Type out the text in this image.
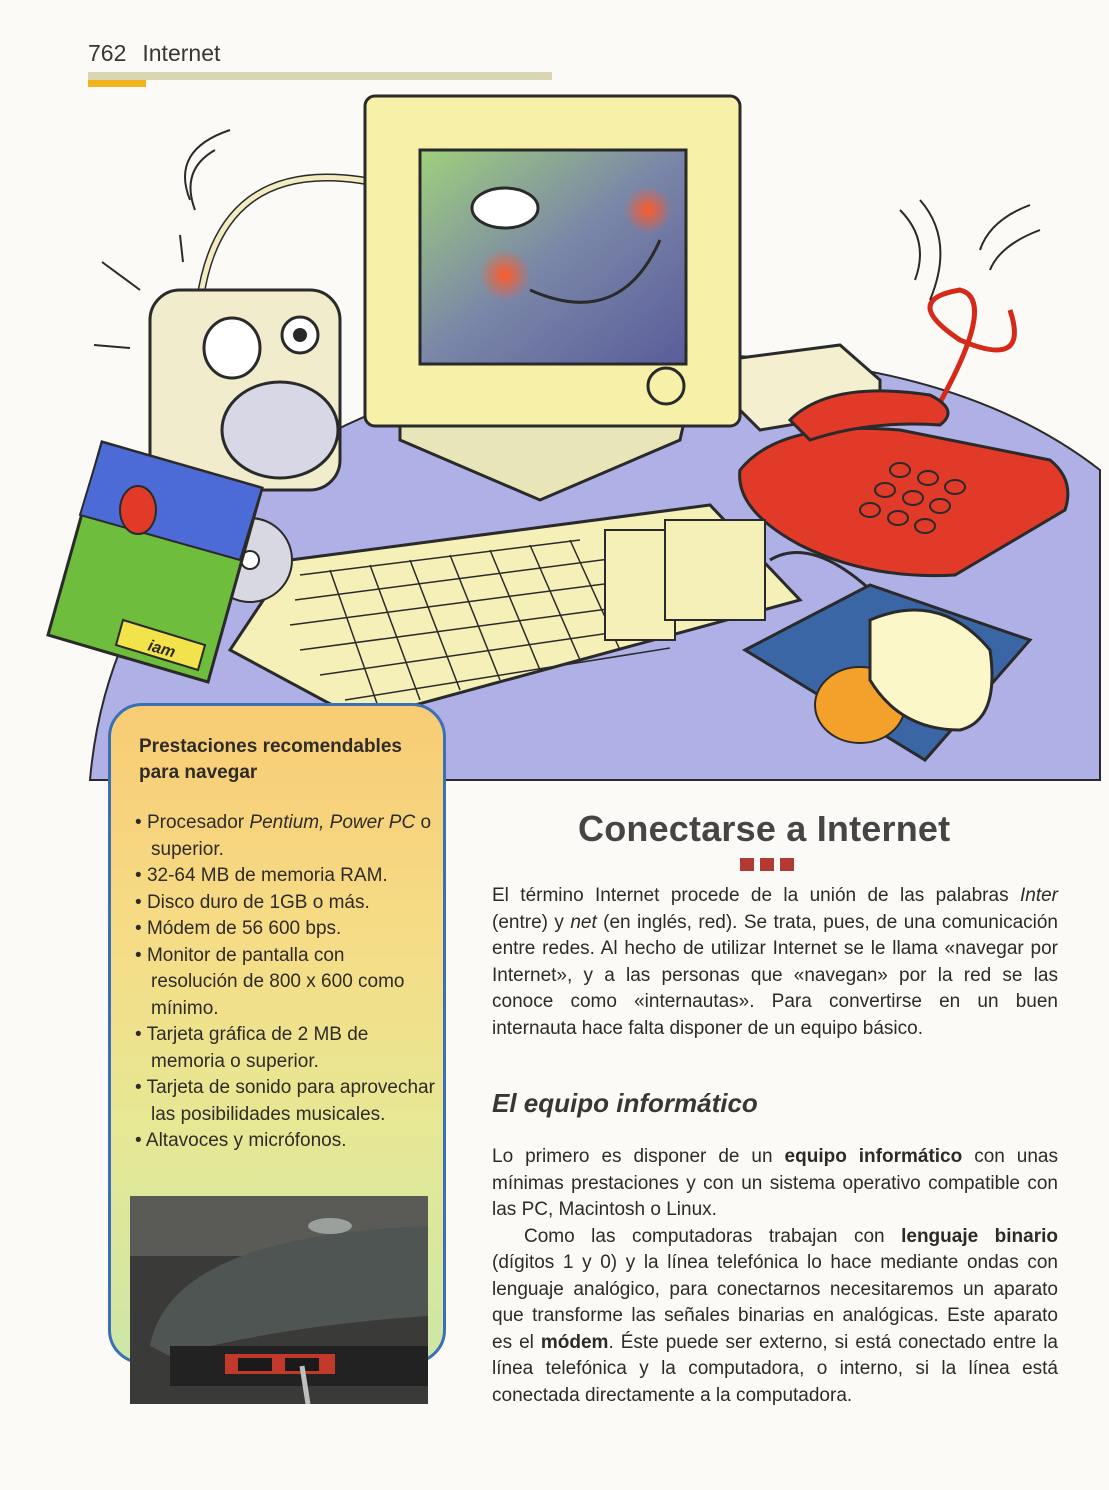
762 Internet
iam
Prestaciones recomendables para navegar
• Procesador Pentium, Power PC o superior.
• 32-64 MB de memoria RAM.
• Disco duro de 1GB o más.
• Módem de 56 600 bps.
• Monitor de pantalla con resolución de 800 x 600 como mínimo.
• Tarjeta gráfica de 2 MB de memoria o superior.
• Tarjeta de sonido para aprovechar las posibilidades musicales.
• Altavoces y micrófonos.
Conectarse a Internet
El término Internet procede de la unión de las palabras Inter (entre) y net (en inglés, red). Se trata, pues, de una comunicación entre redes. Al hecho de utilizar Internet se le llama «navegar por Internet», y a las personas que «navegan» por la red se las conoce como «internautas». Para convertirse en un buen internauta hace falta disponer de un equipo básico.
El equipo informático

Lo primero es disponer de un equipo informático con unas mínimas prestaciones y con un sistema operativo compatible con las PC, Macintosh o Linux.

Como las computadoras trabajan con lenguaje binario (dígitos 1 y 0) y la línea telefónica lo hace mediante ondas con lenguaje analógico, para conectarnos necesitaremos un aparato que transforme las señales binarias en analógicas. Este aparato es el módem. Éste puede ser externo, si está conectado entre la línea telefónica y la computadora, o interno, si la línea está conectada directamente a la computadora.
